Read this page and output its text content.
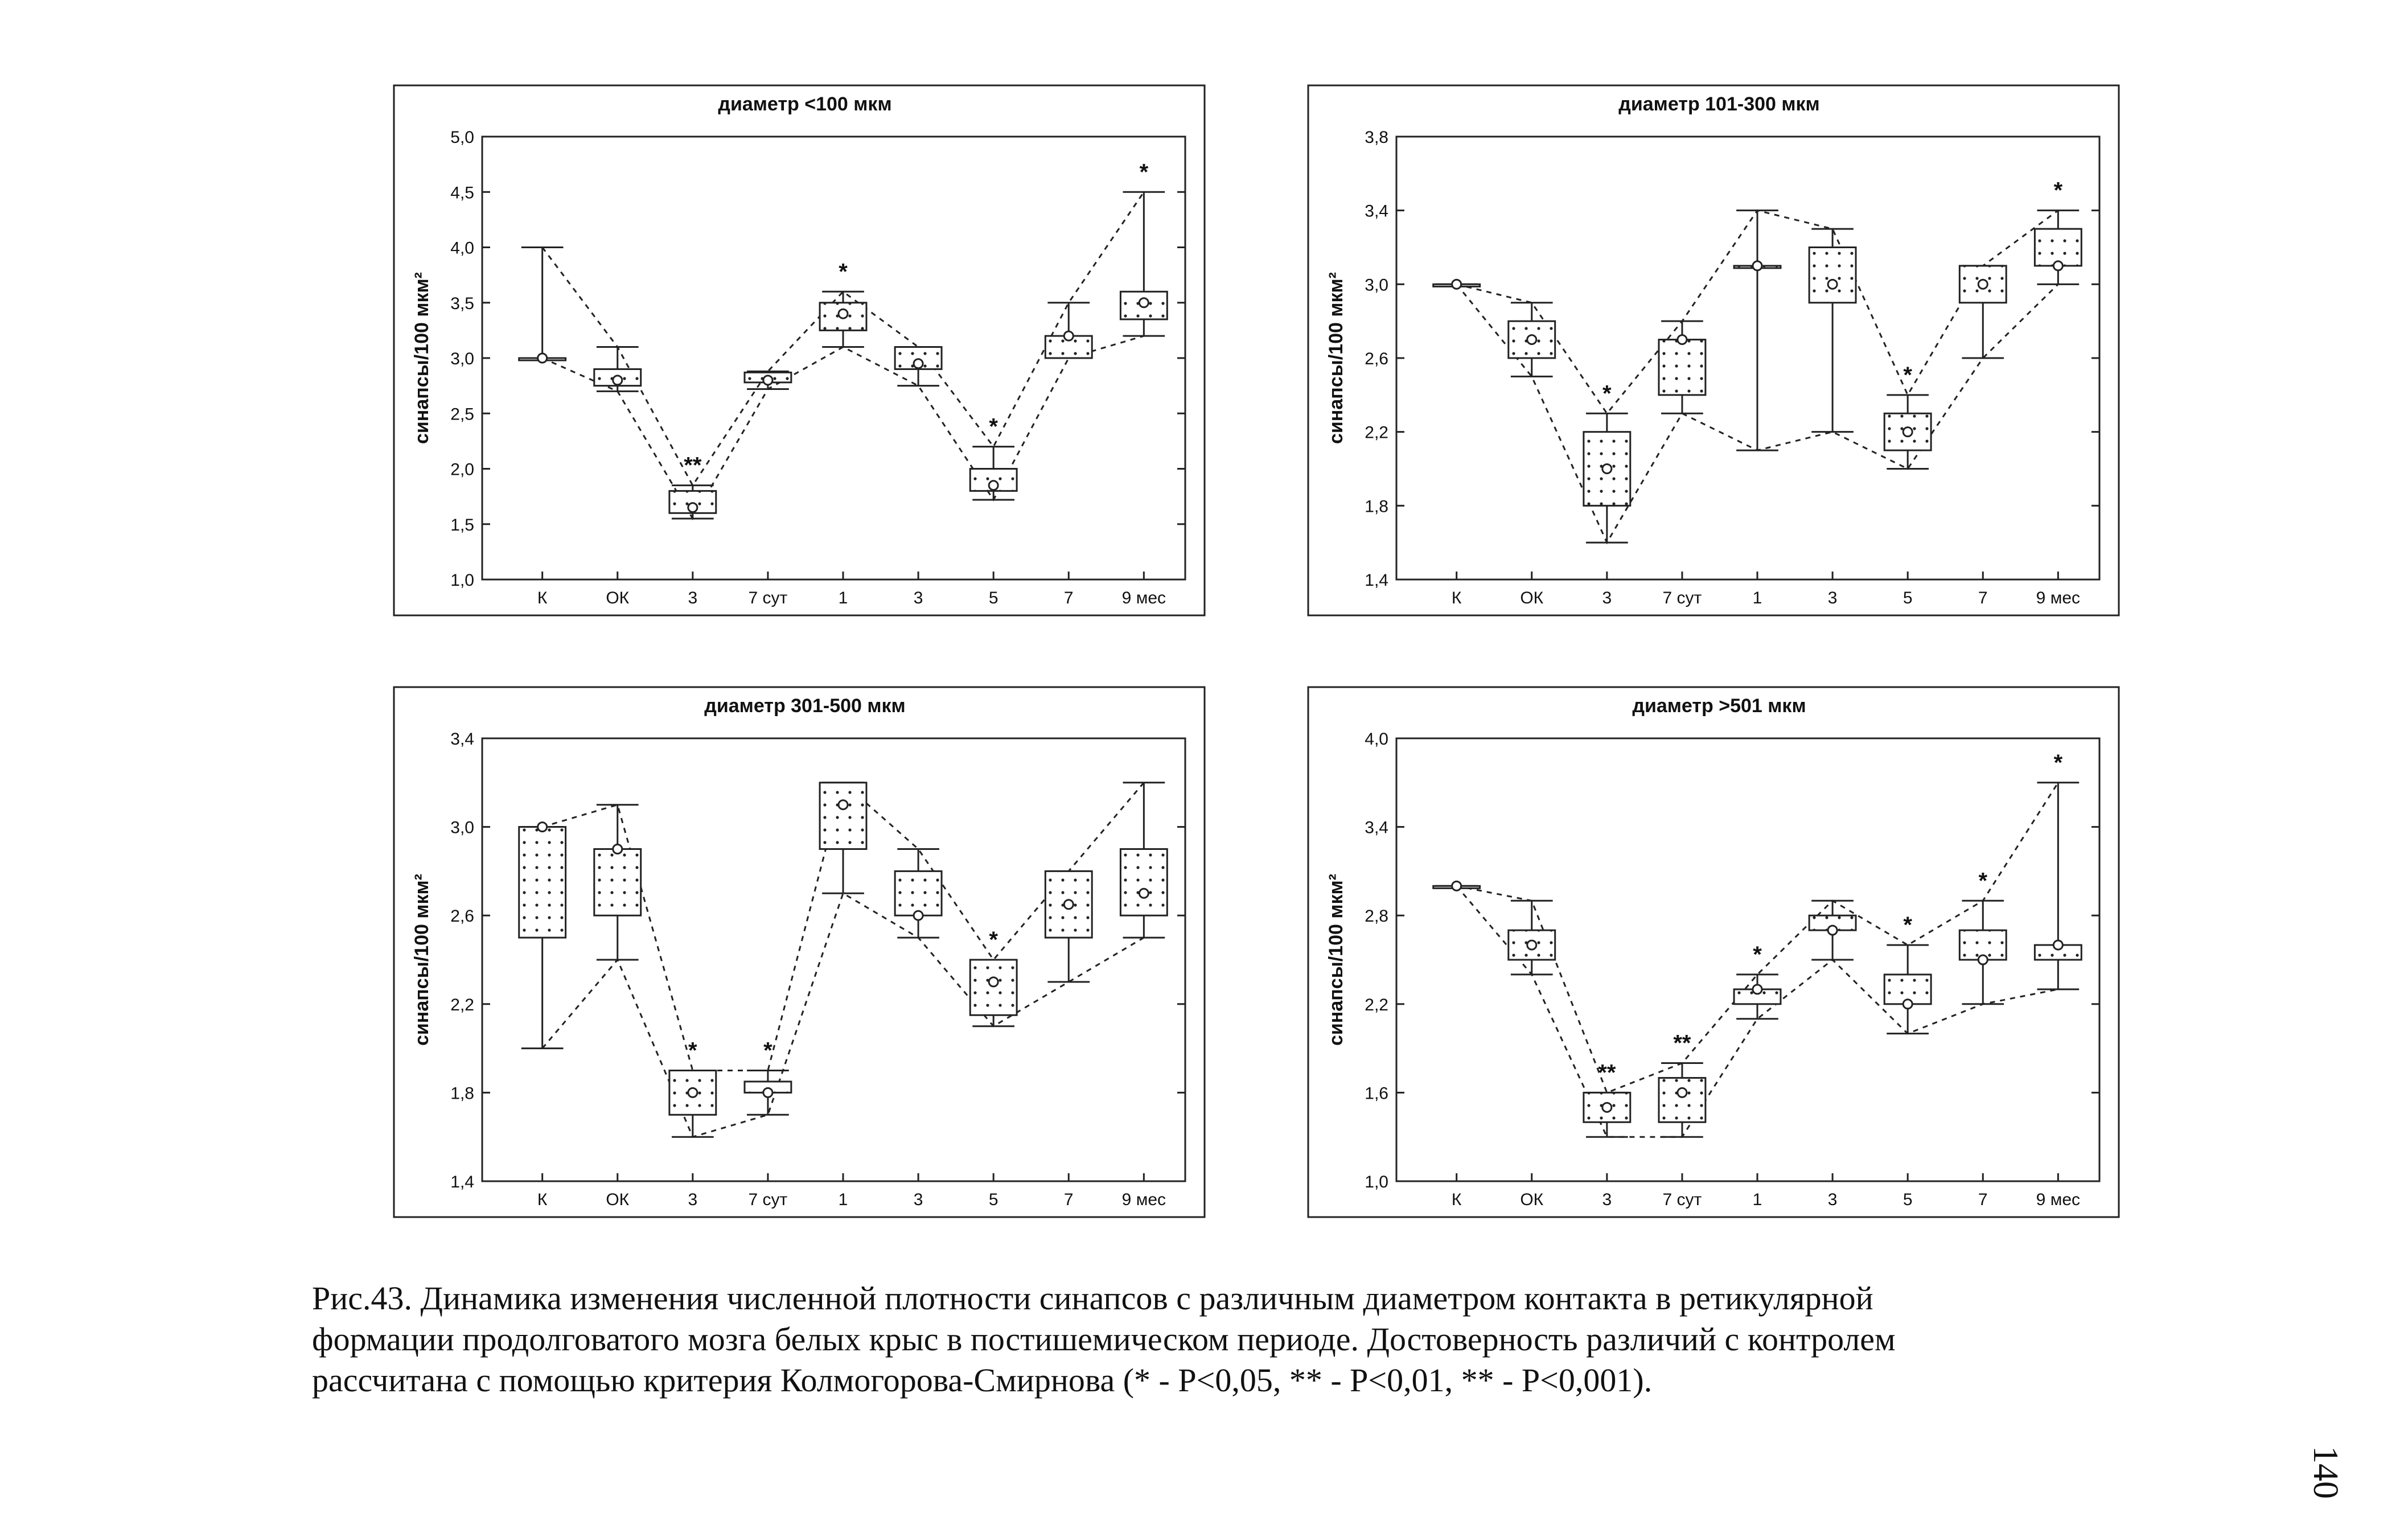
диаметр <100 мкм
1,0
1,5
2,0
2,5
3,0
3,5
4,0
4,5
5,0
синапсы/100 мкм²
К	ОК	3	7 сут	1	3	5	7	9 мес
**
*
*
*
диаметр 101-300 мкм
1,4
1,8
2,2
2,6
3,0
3,4
3,8
синапсы/100 мкм²
К	ОК	3	7 сут	1	3	5	7	9 мес
*
*
*
диаметр 301-500 мкм
1,4
1,8
2,2
2,6
3,0
3,4
синапсы/100 мкм²
К	ОК	3	7 сут	1	3	5	7	9 мес
*	*
*
диаметр >501 мкм
1,0
1,6
2,2
2,8
3,4
4,0
синапсы/100 мкм²
К	ОК	3	7 сут	1	3	5	7	9 мес
**
**
*
*
*
*
Рис.43. Динамика изменения численной плотности синапсов с различным диаметром контакта в ретикулярной
формации продолговатого мозга белых крыс в постишемическом периоде. Достоверность различий с контролем
рассчитана с помощью критерия Колмогорова-Смирнова (* - Р<0,05, ** - Р<0,01, ** - Р<0,001).
140
